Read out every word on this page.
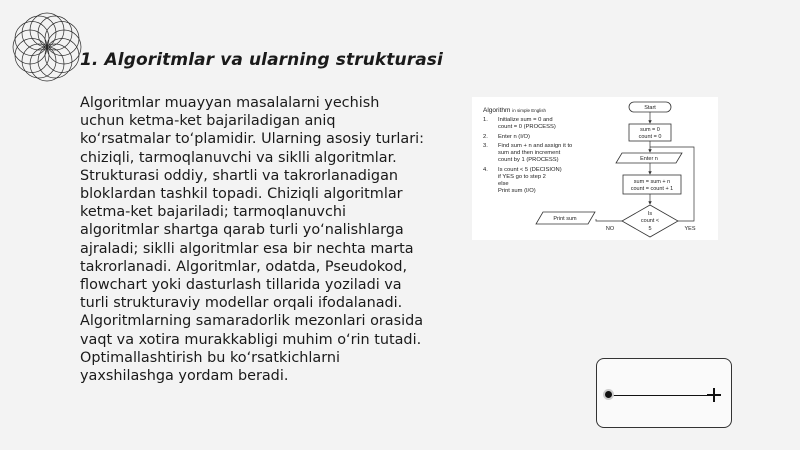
1. Algoritmlar va ularning strukturasi

Algoritmlar muayyan masalalarni yechish uchun ketma-ket bajariladigan aniq ko‘rsatmalar to‘plamidir. Ularning asosiy turlari: chiziqli, tarmoqlanuvchi va siklli algoritmlar. Strukturasi oddiy, shartli va takrorlanadigan bloklardan tashkil topadi. Chiziqli algoritmlar ketma-ket bajariladi; tarmoqlanuvchi algoritmlar shartga qarab turli yo‘nalishlarga ajraladi; siklli algoritmlar esa bir nechta marta takrorlanadi. Algoritmlar, odatda, Pseudokod, flowchart yoki dasturlash tillarida yoziladi va turli strukturaviy modellar orqali ifodalanadi. Algoritmlarning samaradorlik mezonlari orasida vaqt va xotira murakkabligi muhim o‘rin tutadi. Optimallashtirish bu ko‘rsatkichlarni yaxshilashga yordam beradi.

Algorithm in simple English
1. Initialize sum = 0 and
count = 0 (PROCESS)
2. Enter n (I/O)
3. Find sum + n and assign it to
sum and then increment
count by 1 (PROCESS)
4. Is count < 5 (DECISION)
if YES go to step 2
else
Print sum (I/O)
Start
sum = 0
count = 0
Enter n
sum = sum + n
count = count + 1
Is
count <
5
Print sum
NO	YES
